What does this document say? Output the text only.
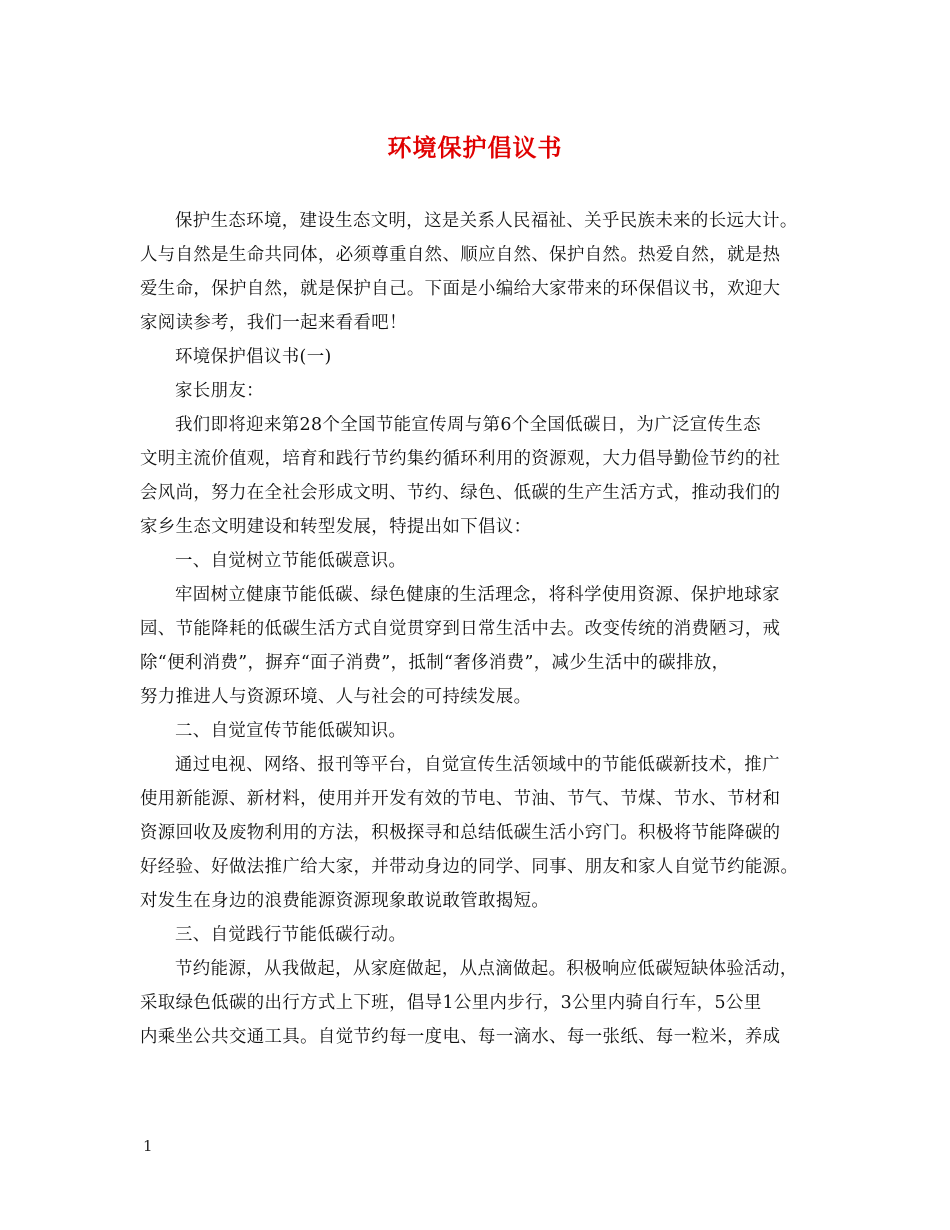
环境保护倡议书

保护生态环境，建设生态文明，这是关系人民福祉、关乎民族未来的长远大计。

人与自然是生命共同体，必须尊重自然、顺应自然、保护自然。热爱自然，就是热

爱生命，保护自然，就是保护自己。下面是小编给大家带来的环保倡议书，欢迎大

家阅读参考，我们一起来看看吧！

环境保护倡议书(一)

家长朋友：

我们即将迎来第28个全国节能宣传周与第6个全国低碳日，为广泛宣传生态

文明主流价值观，培育和践行节约集约循环利用的资源观，大力倡导勤俭节约的社

会风尚，努力在全社会形成文明、节约、绿色、低碳的生产生活方式，推动我们的

家乡生态文明建设和转型发展，特提出如下倡议：

一、自觉树立节能低碳意识。

牢固树立健康节能低碳、绿色健康的生活理念，将科学使用资源、保护地球家

园、节能降耗的低碳生活方式自觉贯穿到日常生活中去。改变传统的消费陋习，戒

除“便利消费”，摒弃“面子消费”，抵制“奢侈消费”，减少生活中的碳排放，

努力推进人与资源环境、人与社会的可持续发展。

二、自觉宣传节能低碳知识。

通过电视、网络、报刊等平台，自觉宣传生活领域中的节能低碳新技术，推广

使用新能源、新材料，使用并开发有效的节电、节油、节气、节煤、节水、节材和

资源回收及废物利用的方法，积极探寻和总结低碳生活小窍门。积极将节能降碳的

好经验、好做法推广给大家，并带动身边的同学、同事、朋友和家人自觉节约能源。

对发生在身边的浪费能源资源现象敢说敢管敢揭短。

三、自觉践行节能低碳行动。

节约能源，从我做起，从家庭做起，从点滴做起。积极响应低碳短缺体验活动，

采取绿色低碳的出行方式上下班，倡导1公里内步行，3公里内骑自行车，5公里

内乘坐公共交通工具。自觉节约每一度电、每一滴水、每一张纸、每一粒米，养成

1
